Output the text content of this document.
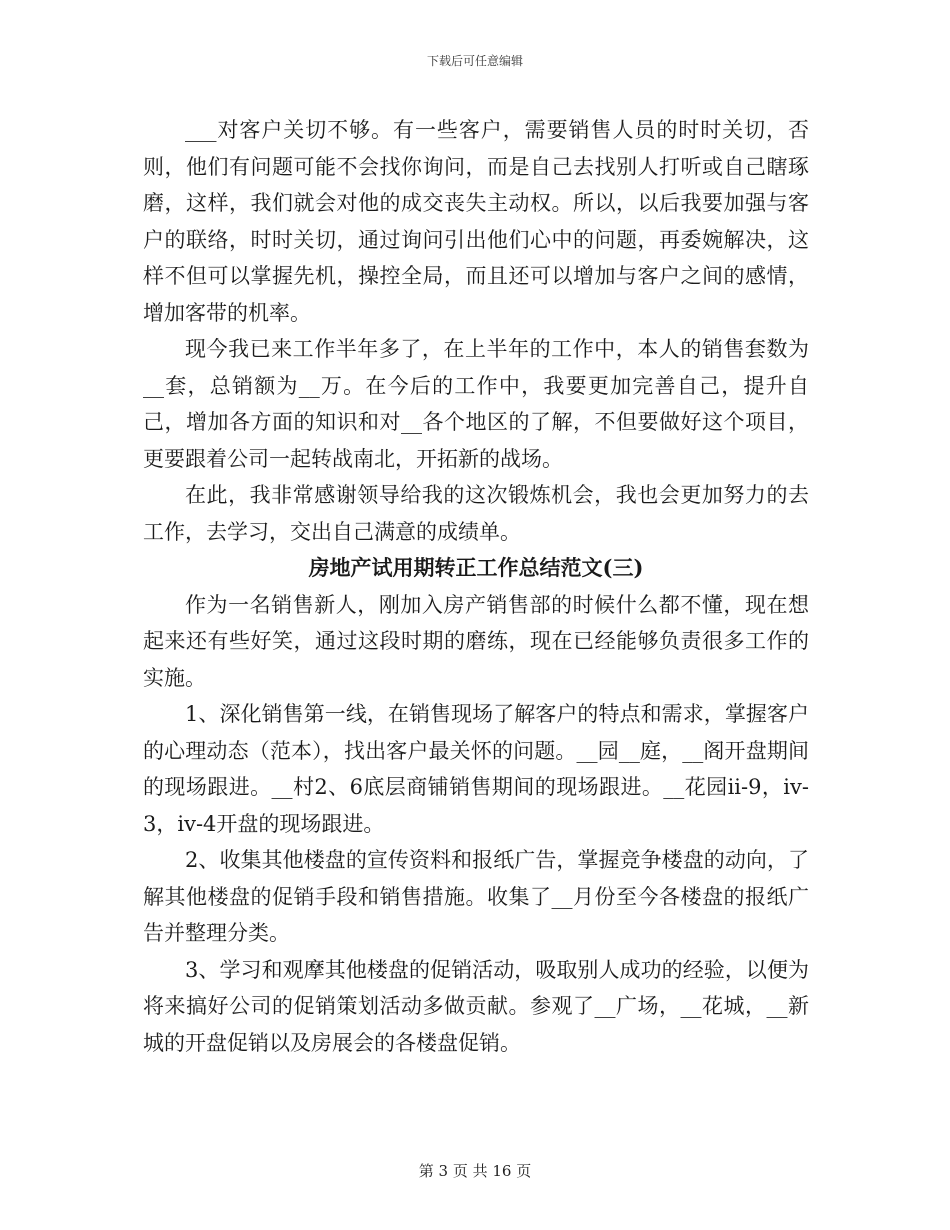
下载后可任意编辑

___对客户关切不够。有一些客户，需要销售人员的时时关切，否则，他们有问题可能不会找你询问，而是自己去找别人打听或自己瞎琢磨，这样，我们就会对他的成交丧失主动权。所以，以后我要加强与客户的联络，时时关切，通过询问引出他们心中的问题，再委婉解决，这样不但可以掌握先机，操控全局，而且还可以增加与客户之间的感情，增加客带的机率。

现今我已来工作半年多了，在上半年的工作中，本人的销售套数为__套，总销额为__万。在今后的工作中，我要更加完善自己，提升自己，增加各方面的知识和对__各个地区的了解，不但要做好这个项目，更要跟着公司一起转战南北，开拓新的战场。

在此，我非常感谢领导给我的这次锻炼机会，我也会更加努力的去工作，去学习，交出自己满意的成绩单。

房地产试用期转正工作总结范文(三)

作为一名销售新人，刚加入房产销售部的时候什么都不懂，现在想起来还有些好笑，通过这段时期的磨练，现在已经能够负责很多工作的实施。

1、深化销售第一线，在销售现场了解客户的特点和需求，掌握客户的心理动态（范本），找出客户最关怀的问题。__园__庭，__阁开盘期间的现场跟进。__村2、6底层商铺销售期间的现场跟进。__花园ii-9，iv-3，iv-4开盘的现场跟进。

2、收集其他楼盘的宣传资料和报纸广告，掌握竞争楼盘的动向，了解其他楼盘的促销手段和销售措施。收集了__月份至今各楼盘的报纸广告并整理分类。

3、学习和观摩其他楼盘的促销活动，吸取别人成功的经验，以便为将来搞好公司的促销策划活动多做贡献。参观了__广场，__花城，__新城的开盘促销以及房展会的各楼盘促销。

第 3 页 共 16 页
